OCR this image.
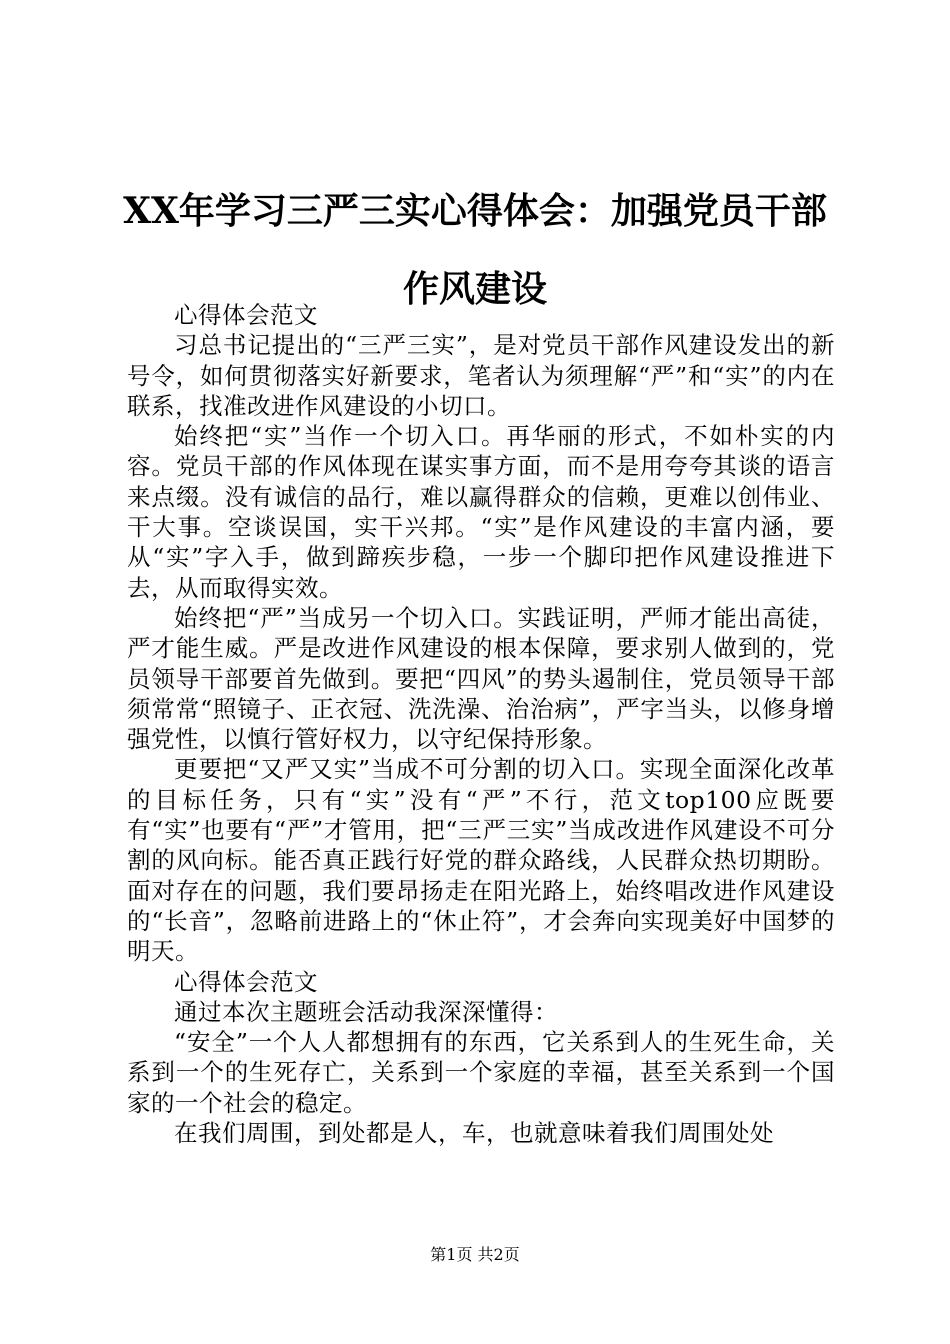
XX年学习三严三实心得体会：加强党员干部作风建设

心得体会范文

习总书记提出的“三严三实”，是对党员干部作风建设发出的新号令，如何贯彻落实好新要求，笔者认为须理解“严”和“实”的内在联系，找准改进作风建设的小切口。

始终把“实”当作一个切入口。再华丽的形式，不如朴实的内容。党员干部的作风体现在谋实事方面，而不是用夸夸其谈的语言来点缀。没有诚信的品行，难以赢得群众的信赖，更难以创伟业、干大事。空谈误国，实干兴邦。“实”是作风建设的丰富内涵，要从“实”字入手，做到蹄疾步稳，一步一个脚印把作风建设推进下去，从而取得实效。

始终把“严”当成另一个切入口。实践证明，严师才能出高徒，严才能生威。严是改进作风建设的根本保障，要求别人做到的，党员领导干部要首先做到。要把“四风”的势头遏制住，党员领导干部须常常“照镜子、正衣冠、洗洗澡、治治病”，严字当头，以修身增强党性，以慎行管好权力，以守纪保持形象。

更要把“又严又实”当成不可分割的切入口。实现全面深化改革的目标任务，只有“实”没有“严”不行，范文top100应既要有“实”也要有“严”才管用，把“三严三实”当成改进作风建设不可分割的风向标。能否真正践行好党的群众路线，人民群众热切期盼。面对存在的问题，我们要昂扬走在阳光路上，始终唱改进作风建设的“长音”，忽略前进路上的“休止符”，才会奔向实现美好中国梦的明天。

心得体会范文

通过本次主题班会活动我深深懂得：

“安全”一个人人都想拥有的东西，它关系到人的生死生命，关系到一个的生死存亡，关系到一个家庭的幸福，甚至关系到一个国家的一个社会的稳定。

在我们周围，到处都是人，车，也就意味着我们周围处处

第1页 共2页
